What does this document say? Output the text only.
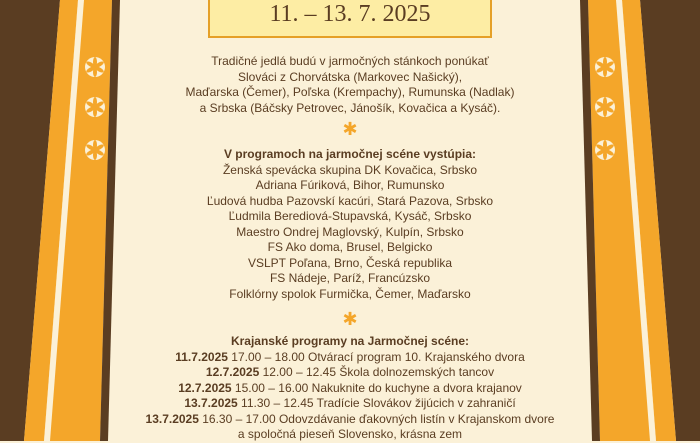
11. – 13. 7. 2025
Tradičné jedlá budú v jarmočných stánkoch ponúkať
Slováci z Chorvátska (Markovec Našický),
Maďarska (Čemer), Poľska (Krempachy), Rumunska (Nadlak)
a Srbska (Báčsky Petrovec, Jánošík, Kovačica a Kysáč).
✱
V programoch na jarmočnej scéne vystúpia:
Ženská spevácka skupina DK Kovačica, Srbsko
Adriana Fúriková, Bihor, Rumunsko
Ľudová hudba Pazovskí kacúri, Stará Pazova, Srbsko
Ľudmila Berediová-Stupavská, Kysáč, Srbsko
Maestro Ondrej Maglovský, Kulpín, Srbsko
FS Ako doma, Brusel, Belgicko
VSLPT Poľana, Brno, Česká republika
FS Nádeje, Paríž, Francúzsko
Folklórny spolok Furmička, Čemer, Maďarsko
✱
Krajanské programy na Jarmočnej scéne:
11.7.2025 17.00 – 18.00 Otvárací program 10. Krajanského dvora
12.7.2025 12.00 – 12.45 Škola dolnozemských tancov
12.7.2025 15.00 – 16.00 Nakuknite do kuchyne a dvora krajanov
13.7.2025 11.30 – 12.45 Tradície Slovákov žijúcich v zahraničí
13.7.2025 16.30 – 17.00 Odovzdávanie ďakovných listín v Krajanskom dvore
a spoločná pieseň Slovensko, krásna zem
